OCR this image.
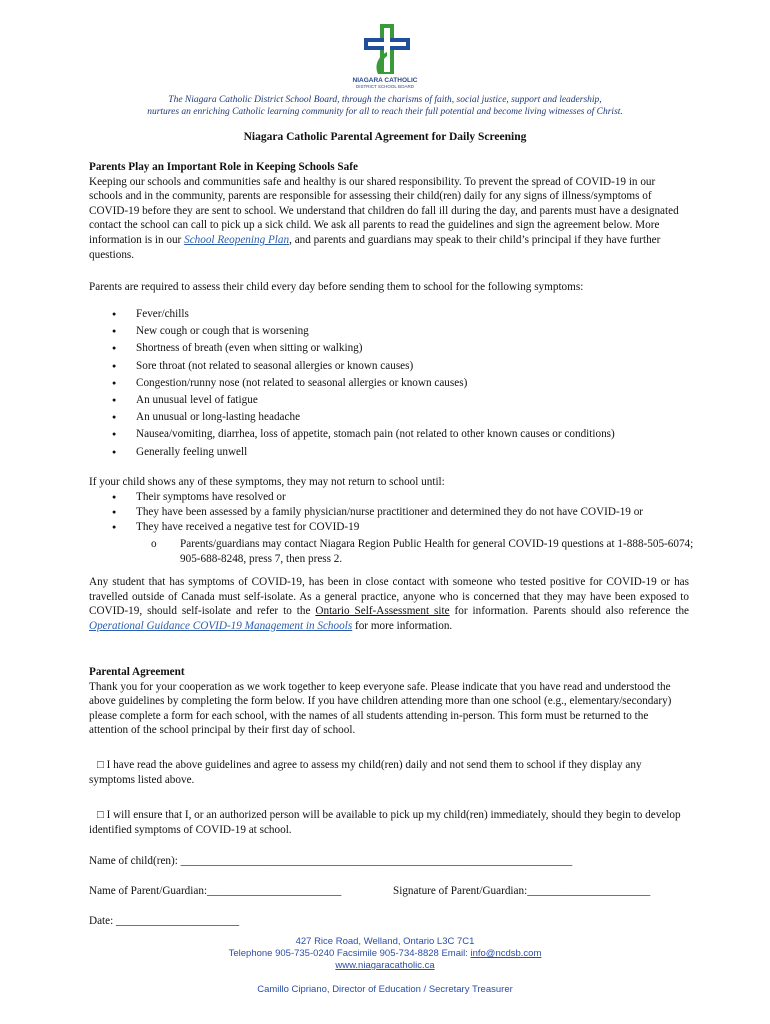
NIAGARA CATHOLIC
DISTRICT SCHOOL BOARD
The Niagara Catholic District School Board, through the charisms of faith, social justice, support and leadership,
nurtures an enriching Catholic learning community for all to reach their full potential and become living witnesses of Christ.
Niagara Catholic Parental Agreement for Daily Screening
Parents Play an Important Role in Keeping Schools Safe
Keeping our schools and communities safe and healthy is our shared responsibility. To prevent the spread of COVID-19 in our schools and in the community, parents are responsible for assessing their child(ren) daily for any signs of illness/symptoms of COVID-19 before they are sent to school. We understand that children do fall ill during the day, and parents must have a designated contact the school can call to pick up a sick child. We ask all parents to read the guidelines and sign the agreement below. More information is in our School Reopening Plan, and parents and guardians may speak to their child’s principal if they have further questions.
Parents are required to assess their child every day before sending them to school for the following symptoms:
● Fever/chills
● New cough or cough that is worsening
● Shortness of breath (even when sitting or walking)
● Sore throat (not related to seasonal allergies or known causes)
● Congestion/runny nose (not related to seasonal allergies or known causes)
● An unusual level of fatigue
● An unusual or long-lasting headache
● Nausea/vomiting, diarrhea, loss of appetite, stomach pain (not related to other known causes or conditions)
● Generally feeling unwell
If your child shows any of these symptoms, they may not return to school until:
● Their symptoms have resolved or
● They have been assessed by a family physician/nurse practitioner and determined they do not have COVID-19 or
● They have received a negative test for COVID-19
o Parents/guardians may contact Niagara Region Public Health for general COVID-19 questions at 1-888-505-6074; 905-688-8248, press 7, then press 2.
Any student that has symptoms of COVID-19, has been in close contact with someone who tested positive for COVID-19 or has travelled outside of Canada must self-isolate. As a general practice, anyone who is concerned that they may have been exposed to COVID-19, should self-isolate and refer to the Ontario Self-Assessment site for information. Parents should also reference the Operational Guidance COVID-19 Management in Schools for more information.
Parental Agreement
Thank you for your cooperation as we work together to keep everyone safe. Please indicate that you have read and understood the above guidelines by completing the form below. If you have children attending more than one school (e.g., elementary/secondary) please complete a form for each school, with the names of all students attending in-person. This form must be returned to the attention of the school principal by their first day of school.
□ I have read the above guidelines and agree to assess my child(ren) daily and not send them to school if they display any symptoms listed above.
□ I will ensure that I, or an authorized person will be available to pick up my child(ren) immediately, should they begin to develop identified symptoms of COVID-19 at school.
Name of child(ren): ______________________________________________________________________
Name of Parent/Guardian:________________________	Signature of Parent/Guardian:______________________
Date: ______________________
427 Rice Road, Welland, Ontario L3C 7C1
Telephone 905-735-0240 Facsimile 905-734-8828 Email: info@ncdsb.com
www.niagaracatholic.ca
Camillo Cipriano, Director of Education / Secretary Treasurer
